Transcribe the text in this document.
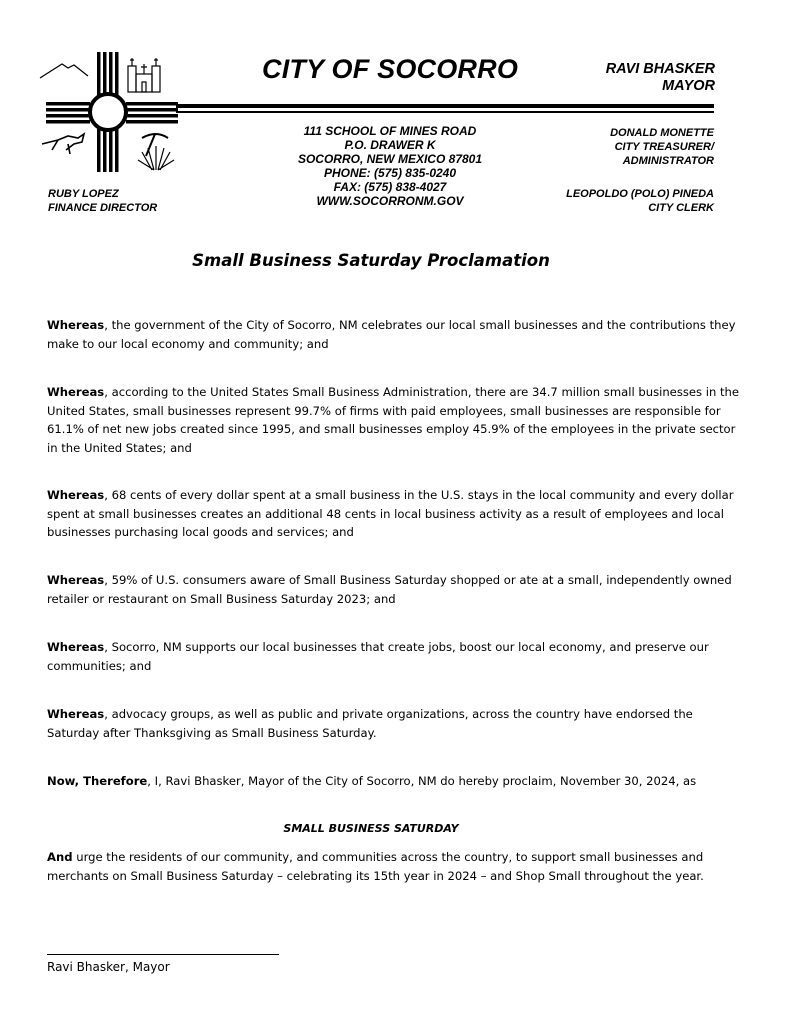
CITY OF SOCORRO	RAVI BHASKER
MAYOR
111 SCHOOL OF MINES ROAD
P.O. DRAWER K
SOCORRO, NEW MEXICO 87801
PHONE: (575) 835-0240
FAX: (575) 838-4027
WWW.SOCORRONM.GOV
DONALD MONETTE
CITY TREASURER/
ADMINISTRATOR
LEOPOLDO (POLO) PINEDA
CITY CLERK
RUBY LOPEZ
FINANCE DIRECTOR
Small Business Saturday Proclamation

Whereas, the government of the City of Socorro, NM celebrates our local small businesses and the contributions they make to our local economy and community; and

Whereas, according to the United States Small Business Administration, there are 34.7 million small businesses in the United States, small businesses represent 99.7% of firms with paid employees, small businesses are responsible for 61.1% of net new jobs created since 1995, and small businesses employ 45.9% of the employees in the private sector in the United States; and

Whereas, 68 cents of every dollar spent at a small business in the U.S. stays in the local community and every dollar spent at small businesses creates an additional 48 cents in local business activity as a result of employees and local businesses purchasing local goods and services; and

Whereas, 59% of U.S. consumers aware of Small Business Saturday shopped or ate at a small, independently owned retailer or restaurant on Small Business Saturday 2023; and

Whereas, Socorro, NM supports our local businesses that create jobs, boost our local economy, and preserve our communities; and

Whereas, advocacy groups, as well as public and private organizations, across the country have endorsed the Saturday after Thanksgiving as Small Business Saturday.

Now, Therefore, I, Ravi Bhasker, Mayor of the City of Socorro, NM do hereby proclaim, November 30, 2024, as

SMALL BUSINESS SATURDAY

And urge the residents of our community, and communities across the country, to support small businesses and merchants on Small Business Saturday – celebrating its 15th year in 2024 – and Shop Small throughout the year.

Ravi Bhasker, Mayor
